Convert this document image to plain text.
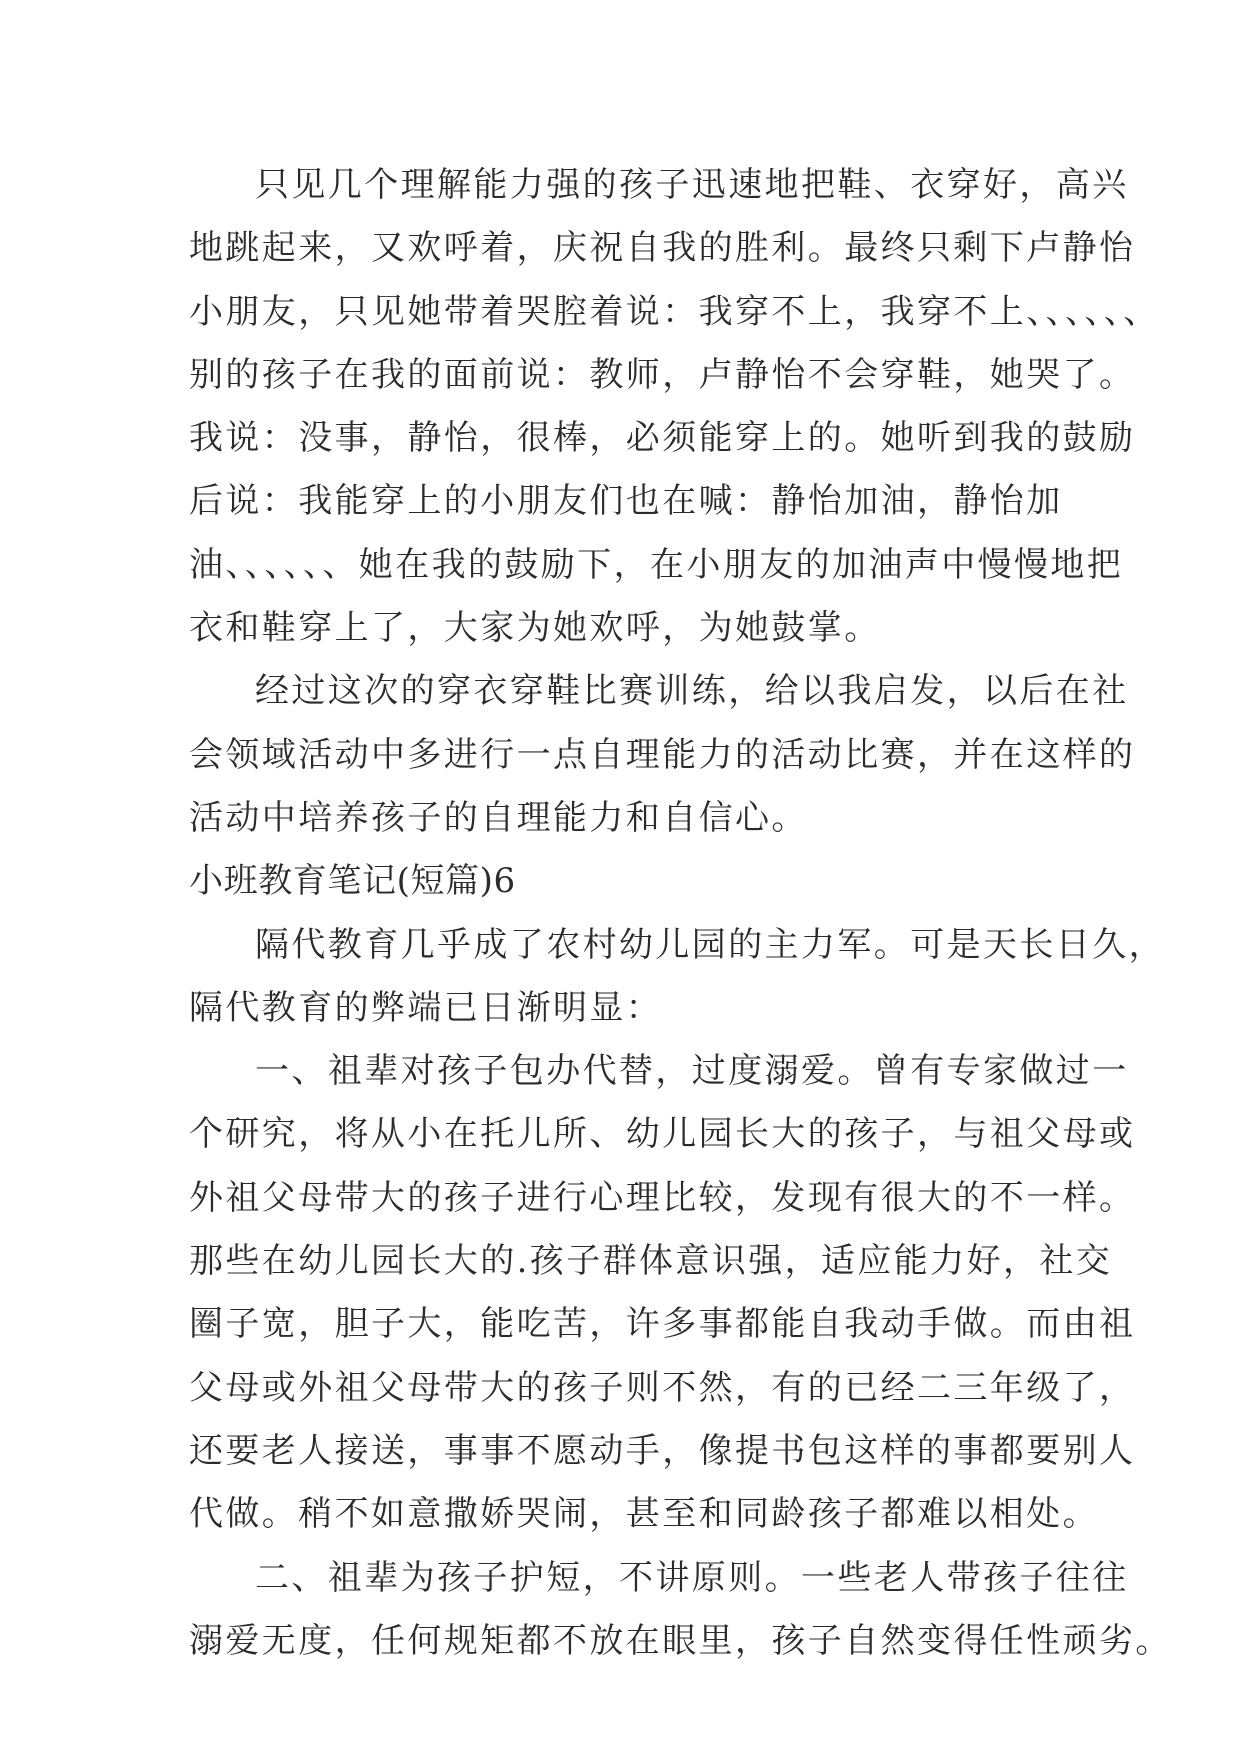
只见几个理解能力强的孩子迅速地把鞋、衣穿好，高兴
地跳起来，又欢呼着，庆祝自我的胜利。最终只剩下卢静怡
小朋友，只见她带着哭腔着说：我穿不上，我穿不上、、、、、、
别的孩子在我的面前说：教师，卢静怡不会穿鞋，她哭了。
我说：没事，静怡，很棒，必须能穿上的。她听到我的鼓励
后说：我能穿上的小朋友们也在喊：静怡加油，静怡加
油、、、、、、她在我的鼓励下，在小朋友的加油声中慢慢地把
衣和鞋穿上了，大家为她欢呼，为她鼓掌。
经过这次的穿衣穿鞋比赛训练，给以我启发，以后在社
会领域活动中多进行一点自理能力的活动比赛，并在这样的
活动中培养孩子的自理能力和自信心。
小班教育笔记(短篇)6
隔代教育几乎成了农村幼儿园的主力军。可是天长日久，
隔代教育的弊端已日渐明显：
一、祖辈对孩子包办代替，过度溺爱。曾有专家做过一
个研究，将从小在托儿所、幼儿园长大的孩子，与祖父母或
外祖父母带大的孩子进行心理比较，发现有很大的不一样。
那些在幼儿园长大的.孩子群体意识强，适应能力好，社交
圈子宽，胆子大，能吃苦，许多事都能自我动手做。而由祖
父母或外祖父母带大的孩子则不然，有的已经二三年级了，
还要老人接送，事事不愿动手，像提书包这样的事都要别人
代做。稍不如意撒娇哭闹，甚至和同龄孩子都难以相处。
二、祖辈为孩子护短，不讲原则。一些老人带孩子往往
溺爱无度，任何规矩都不放在眼里，孩子自然变得任性顽劣。
